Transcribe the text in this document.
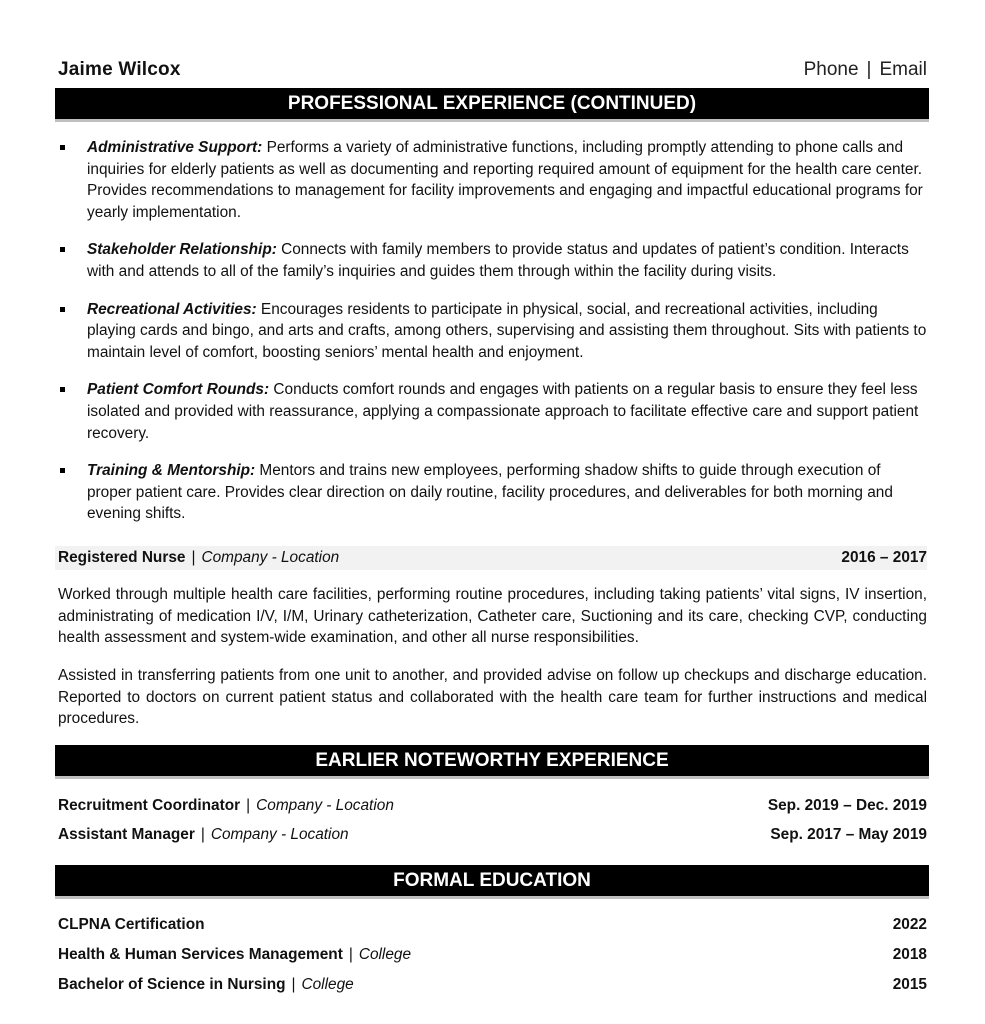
Jaime Wilcox	Phone | Email
PROFESSIONAL EXPERIENCE (CONTINUED)
Administrative Support: Performs a variety of administrative functions, including promptly attending to phone calls and inquiries for elderly patients as well as documenting and reporting required amount of equipment for the health care center. Provides recommendations to management for facility improvements and engaging and impactful educational programs for yearly implementation.
Stakeholder Relationship: Connects with family members to provide status and updates of patient’s condition. Interacts with and attends to all of the family’s inquiries and guides them through within the facility during visits.
Recreational Activities: Encourages residents to participate in physical, social, and recreational activities, including playing cards and bingo, and arts and crafts, among others, supervising and assisting them throughout. Sits with patients to maintain level of comfort, boosting seniors’ mental health and enjoyment.
Patient Comfort Rounds: Conducts comfort rounds and engages with patients on a regular basis to ensure they feel less isolated and provided with reassurance, applying a compassionate approach to facilitate effective care and support patient recovery.
Training & Mentorship: Mentors and trains new employees, performing shadow shifts to guide through execution of proper patient care. Provides clear direction on daily routine, facility procedures, and deliverables for both morning and evening shifts.
Registered Nurse | Company - Location	2016 – 2017

Worked through multiple health care facilities, performing routine procedures, including taking patients’ vital signs, IV insertion, administrating of medication I/V, I/M, Urinary catheterization, Catheter care, Suctioning and its care, checking CVP, conducting health assessment and system-wide examination, and other all nurse responsibilities.

Assisted in transferring patients from one unit to another, and provided advise on follow up checkups and discharge education. Reported to doctors on current patient status and collaborated with the health care team for further instructions and medical procedures.

EARLIER NOTEWORTHY EXPERIENCE
Recruitment Coordinator | Company - Location	Sep. 2019 – Dec. 2019
Assistant Manager | Company - Location	Sep. 2017 – May 2019
FORMAL EDUCATION
CLPNA Certification	2022
Health & Human Services Management | College	2018
Bachelor of Science in Nursing | College	2015
